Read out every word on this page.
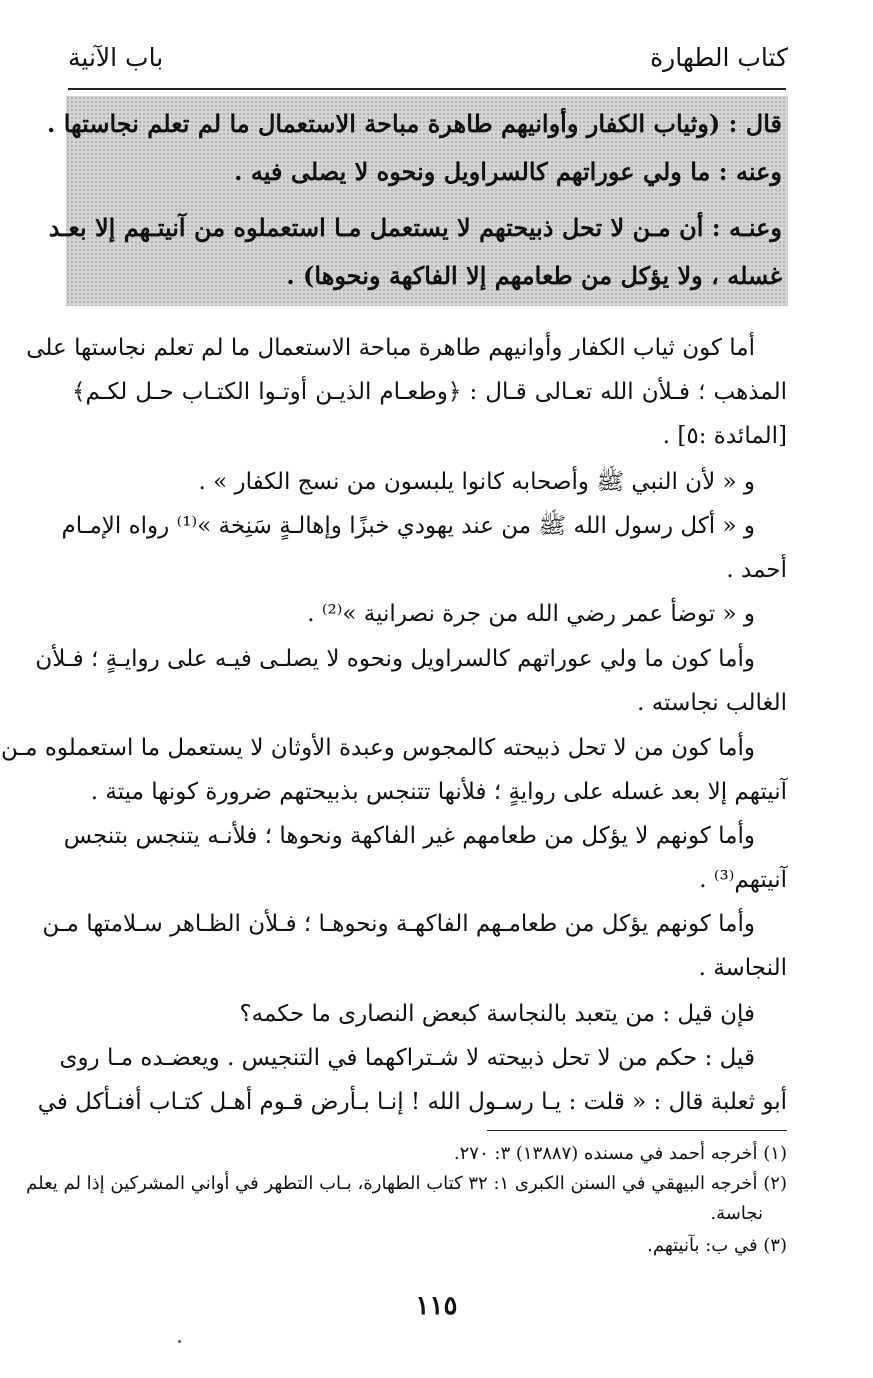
كتاب الطهارة
باب الآنية
قال : (وثياب الكفار وأوانيهم طاهرة مباحة الاستعمال ما لم تعلم نجاستها .
وعنه : ما ولي عوراتهم كالسراويل ونحوه لا يصلى فيه .
وعنـه : أن مـن لا تحل ذبيحتهم لا يستعمل مـا استعملوه من آنيتـهم إلا بعـد
غسله ، ولا يؤكل من طعامهم إلا الفاكهة ونحوها) .
أما كون ثياب الكفار وأوانيهم طاهرة مباحة الاستعمال ما لم تعلم نجاستها على
المذهب ؛ فـلأن الله تعـالى قـال : ﴿وطعـام الذيـن أوتـوا الكتـاب حـل لكـم﴾
[المائدة :٥] .
و « لأن النبي ﷺ وأصحابه كانوا يلبسون من نسج الكفار » .
و « أكل رسول الله ﷺ من عند يهودي خبزًا وإهالـةٍ سَنِخة »⁽¹⁾ رواه الإمـام
أحمد .
و « توضأ عمر رضي الله من جرة نصرانية »⁽²⁾ .
وأما كون ما ولي عوراتهم كالسراويل ونحوه لا يصلـى فيـه على روايـةٍ ؛ فـلأن
الغالب نجاسته .
وأما كون من لا تحل ذبيحته كالمجوس وعبدة الأوثان لا يستعمل ما استعملوه مـن
آنيتهم إلا بعد غسله على روايةٍ ؛ فلأنها تتنجس بذبيحتهم ضرورة كونها ميتة .
وأما كونهم لا يؤكل من طعامهم غير الفاكهة ونحوها ؛ فلأنـه يتنجس بتنجس
آنيتهم⁽³⁾ .
وأما كونهم يؤكل من طعامـهم الفاكهـة ونحوهـا ؛ فـلأن الظـاهر سـلامتها مـن
النجاسة .
فإن قيل : من يتعبد بالنجاسة كبعض النصارى ما حكمه؟
قيل : حكم من لا تحل ذبيحته لا شـتراكهما في التنجيس . ويعضـده مـا روى
أبو ثعلبة قال : « قلت : يـا رسـول الله ! إنـا بـأرض قـوم أهـل كتـاب أفنـأكل في
(١) أخرجه أحمد في مسنده (١٣٨٨٧) ٣: ٢٧٠.
(٢) أخرجه البيهقي في السنن الكبرى ١: ٣٢ كتاب الطهارة، بـاب التطهر في أواني المشركين إذا لم يعلم
نجاسة.
(٣) في ب: بآنيتهم.
١١٥
